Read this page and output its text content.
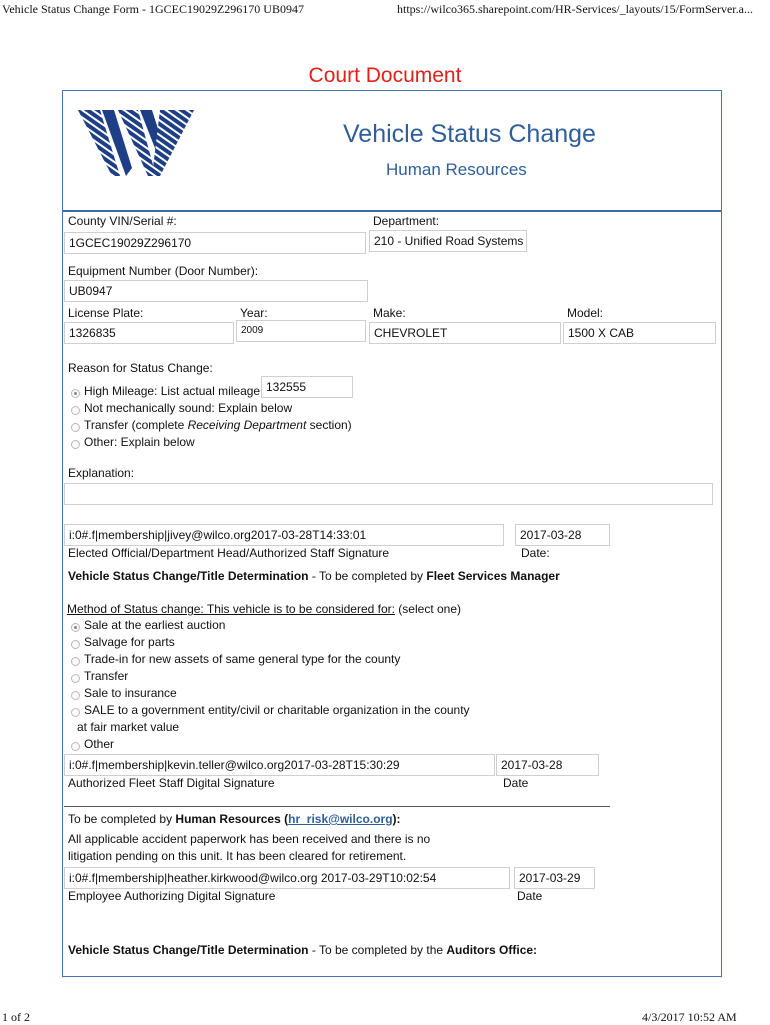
Vehicle Status Change Form - 1GCEC19029Z296170 UB0947	https://wilco365.sharepoint.com/HR-Services/_layouts/15/FormServer.a...
1 of 2	4/3/2017 10:52 AM
Court Document
Vehicle Status Change
Human Resources
County VIN/Serial #:
1GCEC19029Z296170
Department:
210 - Unified Road Systems
Equipment Number (Door Number):
UB0947
License Plate:
1326835
Year:
2009
Make:
CHEVROLET
Model:
1500 X CAB
Reason for Status Change:
High Mileage: List actual mileage 132555
Not mechanically sound: Explain below
Transfer (complete Receiving Department section)
Other: Explain below
Explanation:
i:0#.f|membership|jivey@wilco.org2017-03-28T14:33:01
Elected Official/Department Head/Authorized Staff Signature
2017-03-28
Date:
Vehicle Status Change/Title Determination - To be completed by Fleet Services Manager
Method of Status change: This vehicle is to be considered for: (select one)
Sale at the earliest auction
Salvage for parts
Trade-in for new assets of same general type for the county
Transfer
Sale to insurance
SALE to a government entity/civil or charitable organization in the county
at fair market value
Other
i:0#.f|membership|kevin.teller@wilco.org2017-03-28T15:30:29
Authorized Fleet Staff Digital Signature
2017-03-28
Date
To be completed by Human Resources (hr_risk@wilco.org):
All applicable accident paperwork has been received and there is no
litigation pending on this unit. It has been cleared for retirement.
i:0#.f|membership|heather.kirkwood@wilco.org 2017-03-29T10:02:54
Employee Authorizing Digital Signature
2017-03-29
Date
Vehicle Status Change/Title Determination - To be completed by the Auditors Office:
